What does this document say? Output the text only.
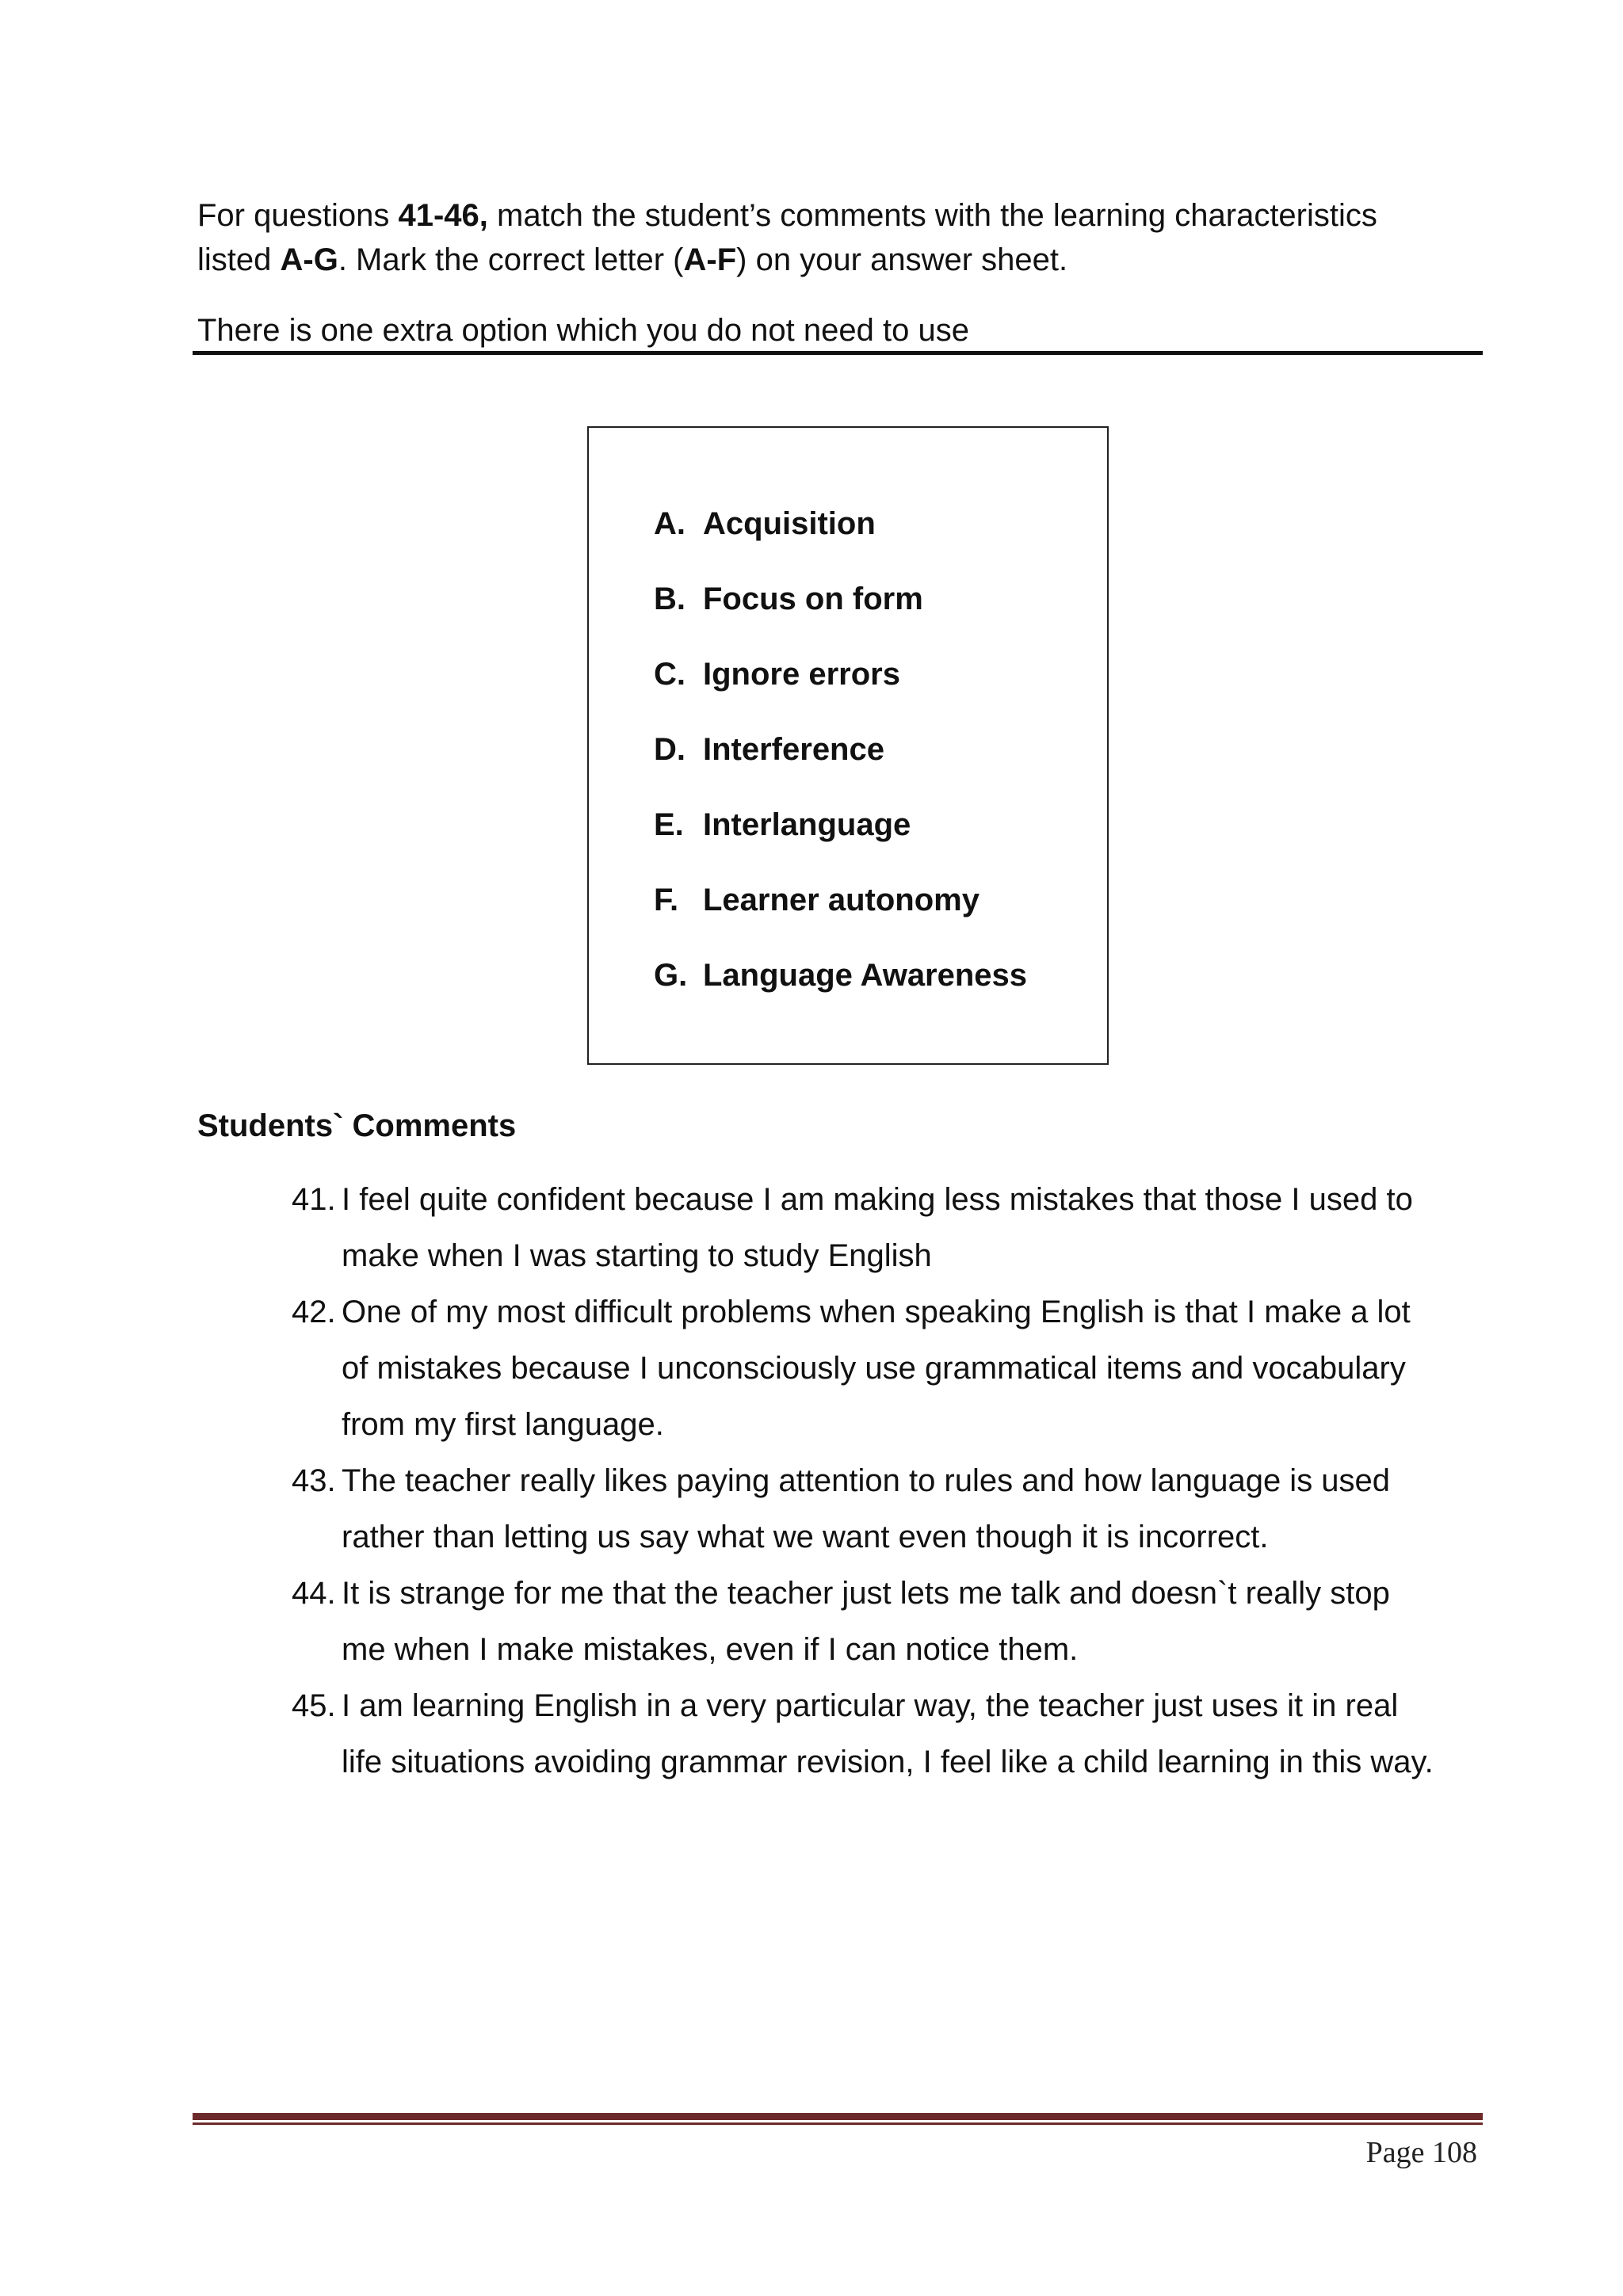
For questions 41-46, match the student’s comments with the learning characteristics
listed A-G. Mark the correct letter (A-F) on your answer sheet.
There is one extra option which you do not need to use
A. Acquisition
B. Focus on form
C. Ignore errors
D. Interference
E. Interlanguage
F. Learner autonomy
G. Language Awareness
Students` Comments
41. I feel quite confident because I am making less mistakes that those I used to
make when I was starting to study English
42. One of my most difficult problems when speaking English is that I make a lot
of mistakes because I unconsciously use grammatical items and vocabulary
from my first language.
43. The teacher really likes paying attention to rules and how language is used
rather than letting us say what we want even though it is incorrect.
44. It is strange for me that the teacher just lets me talk and doesn`t really stop
me when I make mistakes, even if I can notice them.
45. I am learning English in a very particular way, the teacher just uses it in real
life situations avoiding grammar revision, I feel like a child learning in this way.
Page 108
